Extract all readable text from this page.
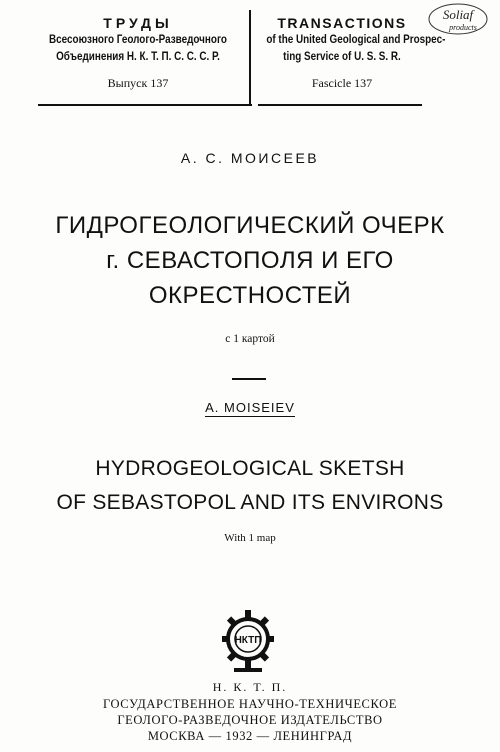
ТРУДЫ
Всесоюзного Геолого-Разведочного
Объединения Н. К. Т. П. С. С. С. Р.
Выпуск 137
TRANSACTIONS
of the United Geological and Prospec-
ting Service of U. S. S. R.
Fascicle 137
Soliaf
products
А. С. МОИСЕЕВ
ГИДРОГЕОЛОГИЧЕСКИЙ ОЧЕРК
г. СЕВАСТОПОЛЯ И ЕГО
ОКРЕСТНОСТЕЙ
с 1 картой
A. MOISEIEV
HYDROGEOLOGICAL SKETSH
OF SEBASTOPOL AND ITS ENVIRONS
With 1 map
НКТП
Н. К. Т. П.
ГОСУДАРСТВЕННОЕ НАУЧНО-ТЕХНИЧЕСКОЕ
ГЕОЛОГО-РАЗВЕДОЧНОЕ ИЗДАТЕЛЬСТВО
МОСКВА — 1932 — ЛЕНИНГРАД
